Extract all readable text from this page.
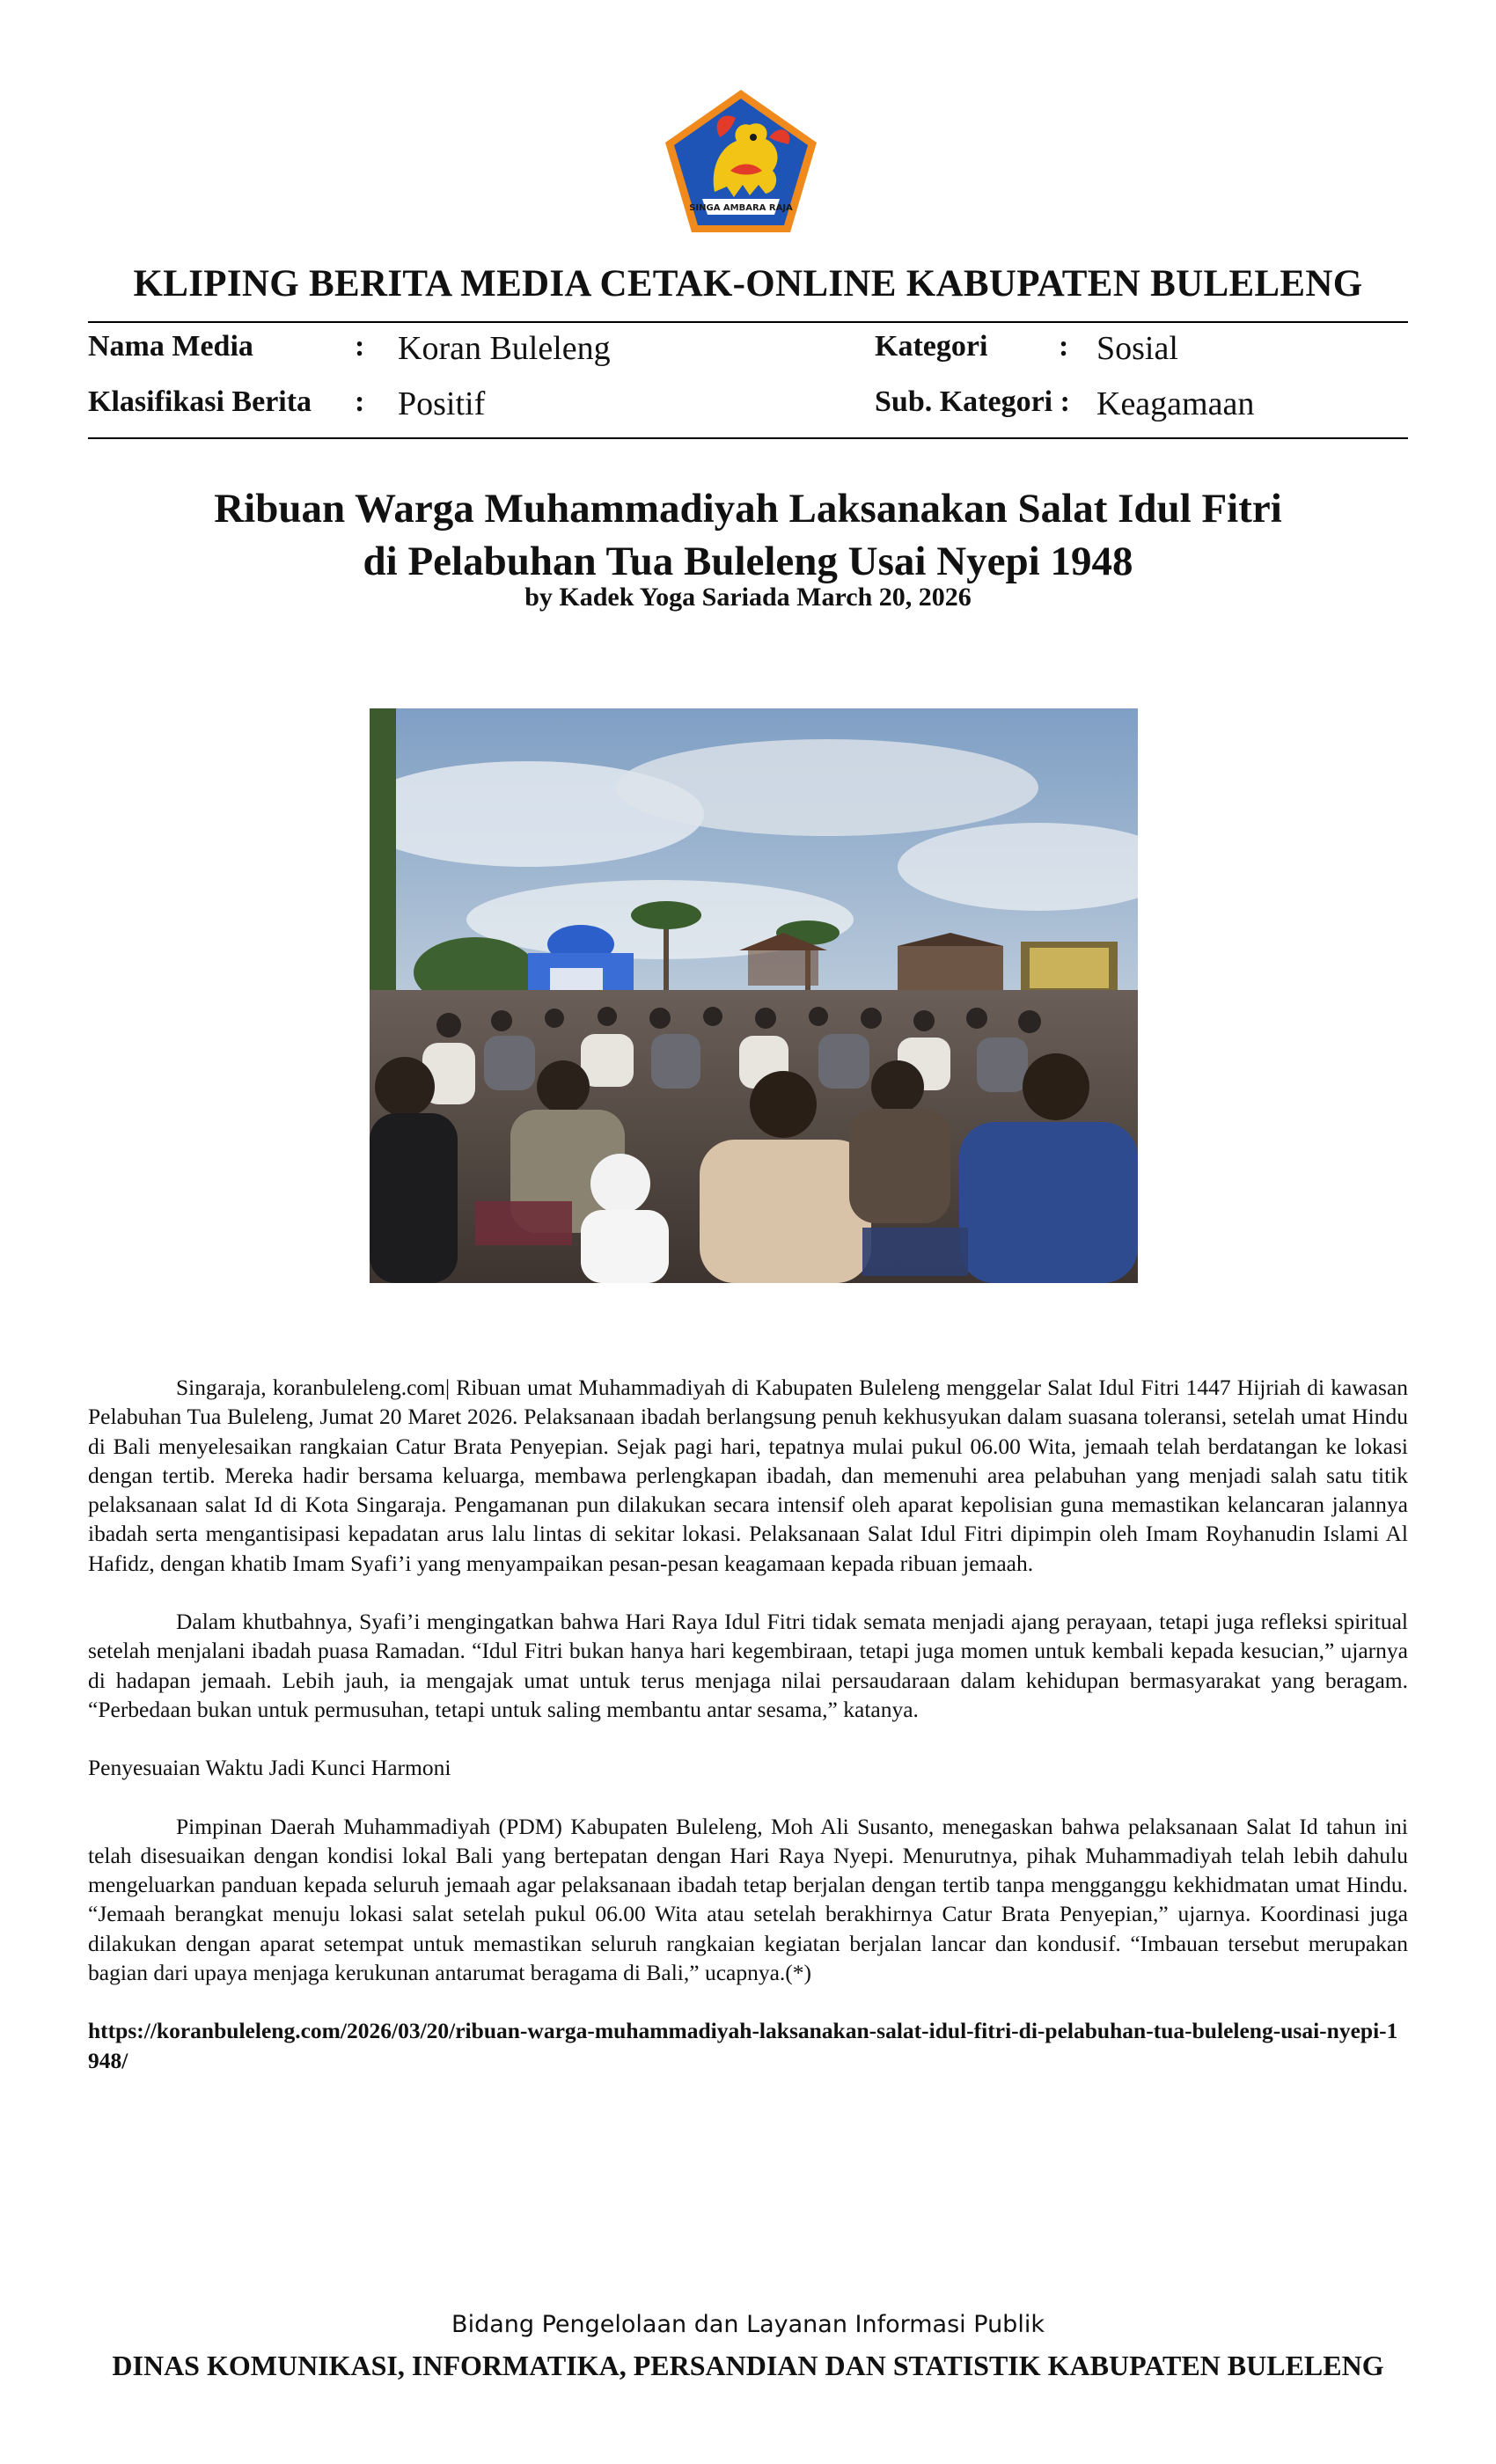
SINGA AMBARA RAJA
KLIPING BERITA MEDIA CETAK-ONLINE KABUPATEN BULELENG
Nama Media	: Koran Buleleng
Klasifikasi Berita : Positif
Kategori : Sosial
Sub. Kategori : Keagamaan
Ribuan Warga Muhammadiyah Laksanakan Salat Idul Fitri
di Pelabuhan Tua Buleleng Usai Nyepi 1948
by Kadek Yoga Sariada March 20, 2026

Singaraja, koranbuleleng.com| Ribuan umat Muhammadiyah di Kabupaten Buleleng menggelar Salat Idul Fitri 1447 Hijriah di kawasan Pelabuhan Tua Buleleng, Jumat 20 Maret 2026. Pelaksanaan ibadah berlangsung penuh kekhusyukan dalam suasana toleransi, setelah umat Hindu di Bali menyelesaikan rangkaian Catur Brata Penyepian. Sejak pagi hari, tepatnya mulai pukul 06.00 Wita, jemaah telah berdatangan ke lokasi dengan tertib. Mereka hadir bersama keluarga, membawa perlengkapan ibadah, dan memenuhi area pelabuhan yang menjadi salah satu titik pelaksanaan salat Id di Kota Singaraja. Pengamanan pun dilakukan secara intensif oleh aparat kepolisian guna memastikan kelancaran jalannya ibadah serta mengantisipasi kepadatan arus lalu lintas di sekitar lokasi. Pelaksanaan Salat Idul Fitri dipimpin oleh Imam Royhanudin Islami Al Hafidz, dengan khatib Imam Syafi’i yang menyampaikan pesan-pesan keagamaan kepada ribuan jemaah.

Dalam khutbahnya, Syafi’i mengingatkan bahwa Hari Raya Idul Fitri tidak semata menjadi ajang perayaan, tetapi juga refleksi spiritual setelah menjalani ibadah puasa Ramadan. “Idul Fitri bukan hanya hari kegembiraan, tetapi juga momen untuk kembali kepada kesucian,” ujarnya di hadapan jemaah. Lebih jauh, ia mengajak umat untuk terus menjaga nilai persaudaraan dalam kehidupan bermasyarakat yang beragam. “Perbedaan bukan untuk permusuhan, tetapi untuk saling membantu antar sesama,” katanya.

Penyesuaian Waktu Jadi Kunci Harmoni

Pimpinan Daerah Muhammadiyah (PDM) Kabupaten Buleleng, Moh Ali Susanto, menegaskan bahwa pelaksanaan Salat Id tahun ini telah disesuaikan dengan kondisi lokal Bali yang bertepatan dengan Hari Raya Nyepi. Menurutnya, pihak Muhammadiyah telah lebih dahulu mengeluarkan panduan kepada seluruh jemaah agar pelaksanaan ibadah tetap berjalan dengan tertib tanpa mengganggu kekhidmatan umat Hindu. “Jemaah berangkat menuju lokasi salat setelah pukul 06.00 Wita atau setelah berakhirnya Catur Brata Penyepian,” ujarnya. Koordinasi juga dilakukan dengan aparat setempat untuk memastikan seluruh rangkaian kegiatan berjalan lancar dan kondusif. “Imbauan tersebut merupakan bagian dari upaya menjaga kerukunan antarumat beragama di Bali,” ucapnya.(*)

https://koranbuleleng.com/2026/03/20/ribuan-warga-muhammadiyah-laksanakan-salat-idul-fitri-di-pelabuhan-tua-buleleng-usai-nyepi-1948/

Bidang Pengelolaan dan Layanan Informasi Publik
DINAS KOMUNIKASI, INFORMATIKA, PERSANDIAN DAN STATISTIK KABUPATEN BULELENG
